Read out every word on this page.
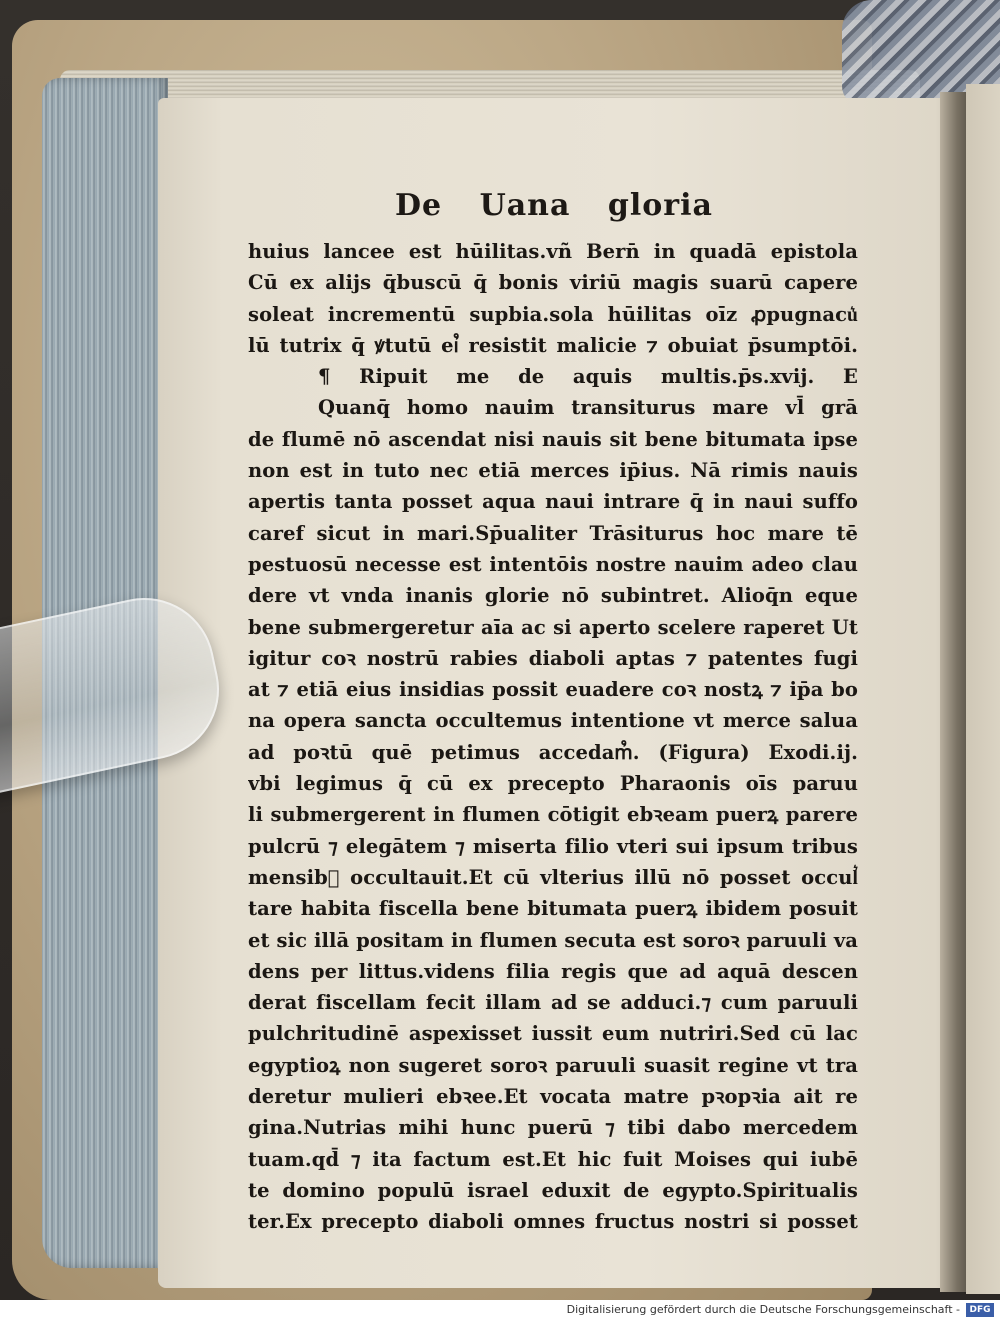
De Uana gloria
huius lancee est hūilitas.vñ Bern̄ in quadā epistola
Cū ex alijs q̄buscū q̄ bonis viriū magis suarū capere
soleat incrementū supbia.sola hūilitas oīz ꝓpugnacu͛
lū tutrix q̄ ꝟtutū ei᷒ resistit malicie ⁊ obuiat p̄sumptōi.
¶ Ripuit me de aquis multis.p̄s.xvij. E
Quanq̄ homo nauim transiturus mare vl̄ grā
de flumē nō ascendat nisi nauis sit bene bitumata ipse
non est in tuto nec etiā merces ip̄ius. Nā rimis nauis
apertis tanta posset aqua naui intrare q̄ in naui suffo
caref sicut in mari.Sp̄ualiter Trāsiturus hoc mare tē
pestuosū necesse est intentōis nostre nauim adeo clau
dere vt vnda inanis glorie nō subintret. Alioq̄n eque
bene submergeretur aīa ac si aperto scelere raperet Ut
igitur coꝛ nostrū rabies diaboli aptas ⁊ patentes fugi
at ⁊ etiā eius insidias possit euadere coꝛ nostꝝ ⁊ ip̄a bo
na opera sancta occultemus intentione vt merce salua
ad poꝛtū quē petimus accedam᷒. (Figura) Exodi.ij.
vbi legimus q̄ cū ex precepto Pharaonis oīs paruu
li submergerent in flumen cōtigit ebꝛeam puerꝝ parere
pulcrū ⁊ elegātem ⁊ miserta filio vteri sui ipsum tribus
mensib᷒ occultauit.Et cū vlterius illū nō posset occul͛
tare habita fiscella bene bitumata puerꝝ ibidem posuit
et sic illā positam in flumen secuta est soroꝛ paruuli va
dens per littus.videns filia regis que ad aquā descen
derat fiscellam fecit illam ad se adduci.⁊ cum paruuli
pulchritudinē aspexisset iussit eum nutriri.Sed cū lac
egyptioꝝ non sugeret soroꝛ paruuli suasit regine vt tra
deretur mulieri ebꝛee.Et vocata matre pꝛopꝛia ait re
gina.Nutrias mihi hunc puerū ⁊ tibi dabo mercedem
tuam.qd̄ ⁊ ita factum est.Et hic fuit Moises qui iubē
te domino populū israel eduxit de egypto.Spiritualis
ter.Ex precepto diaboli omnes fructus nostri si posset
Digitalisierung gefördert durch die Deutsche Forschungsgemeinschaft -	DFG
